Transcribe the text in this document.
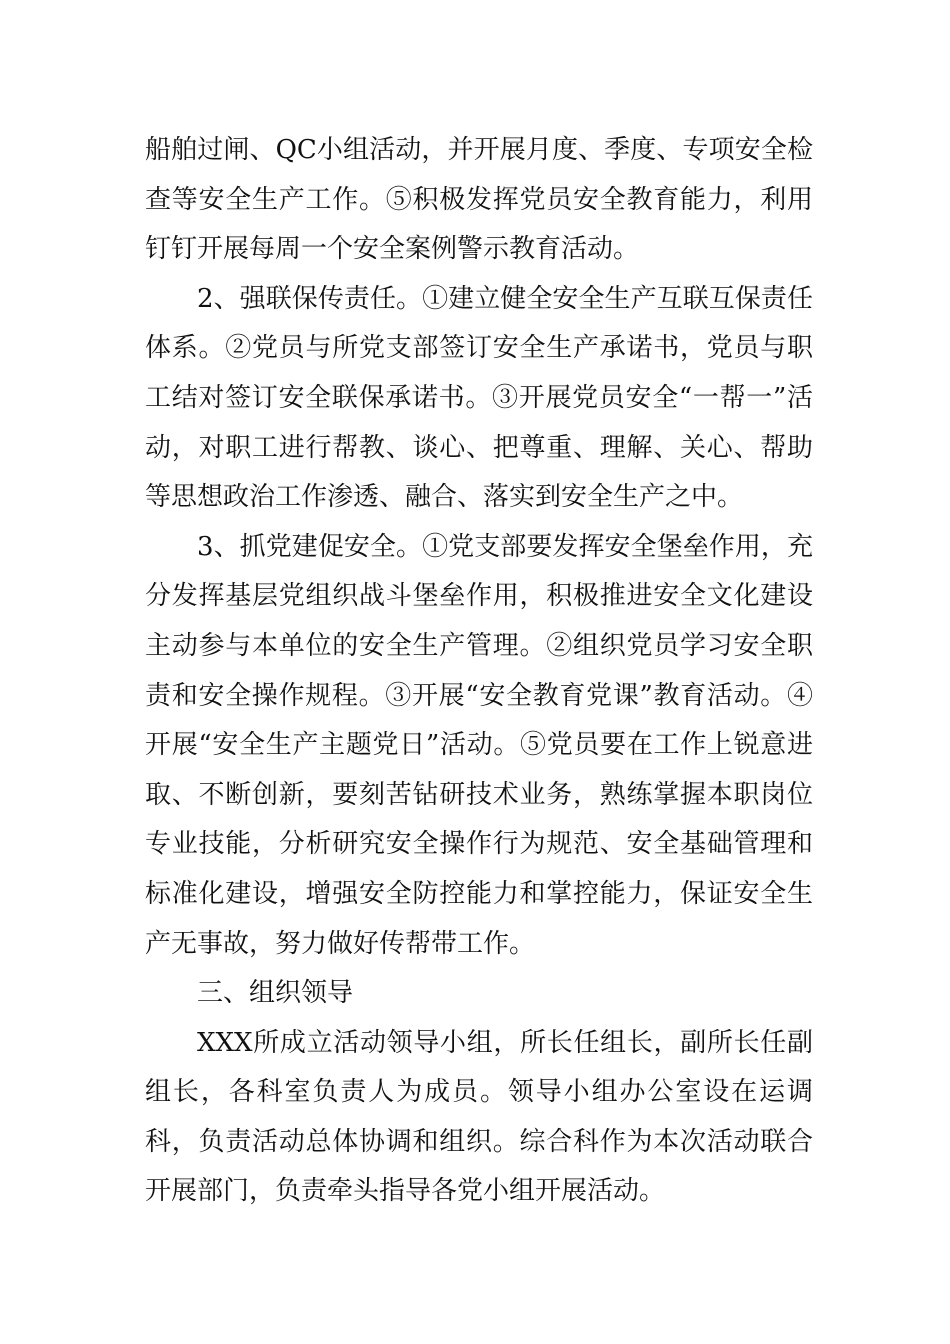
船舶过闸、QC小组活动，并开展月度、季度、专项安全检查等安全生产工作。⑤积极发挥党员安全教育能力，利用钉钉开展每周一个安全案例警示教育活动。

2、强联保传责任。①建立健全安全生产互联互保责任体系。②党员与所党支部签订安全生产承诺书，党员与职工结对签订安全联保承诺书。③开展党员安全“一帮一”活动，对职工进行帮教、谈心、把尊重、理解、关心、帮助等思想政治工作渗透、融合、落实到安全生产之中。

3、抓党建促安全。①党支部要发挥安全堡垒作用，充分发挥基层党组织战斗堡垒作用，积极推进安全文化建设主动参与本单位的安全生产管理。②组织党员学习安全职责和安全操作规程。③开展“安全教育党课”教育活动。④开展“安全生产主题党日”活动。⑤党员要在工作上锐意进取、不断创新，要刻苦钻研技术业务，熟练掌握本职岗位专业技能，分析研究安全操作行为规范、安全基础管理和标准化建设，增强安全防控能力和掌控能力，保证安全生产无事故，努力做好传帮带工作。

三、组织领导

XXX所成立活动领导小组，所长任组长，副所长任副组长，各科室负责人为成员。领导小组办公室设在运调科，负责活动总体协调和组织。综合科作为本次活动联合开展部门，负责牵头指导各党小组开展活动。
